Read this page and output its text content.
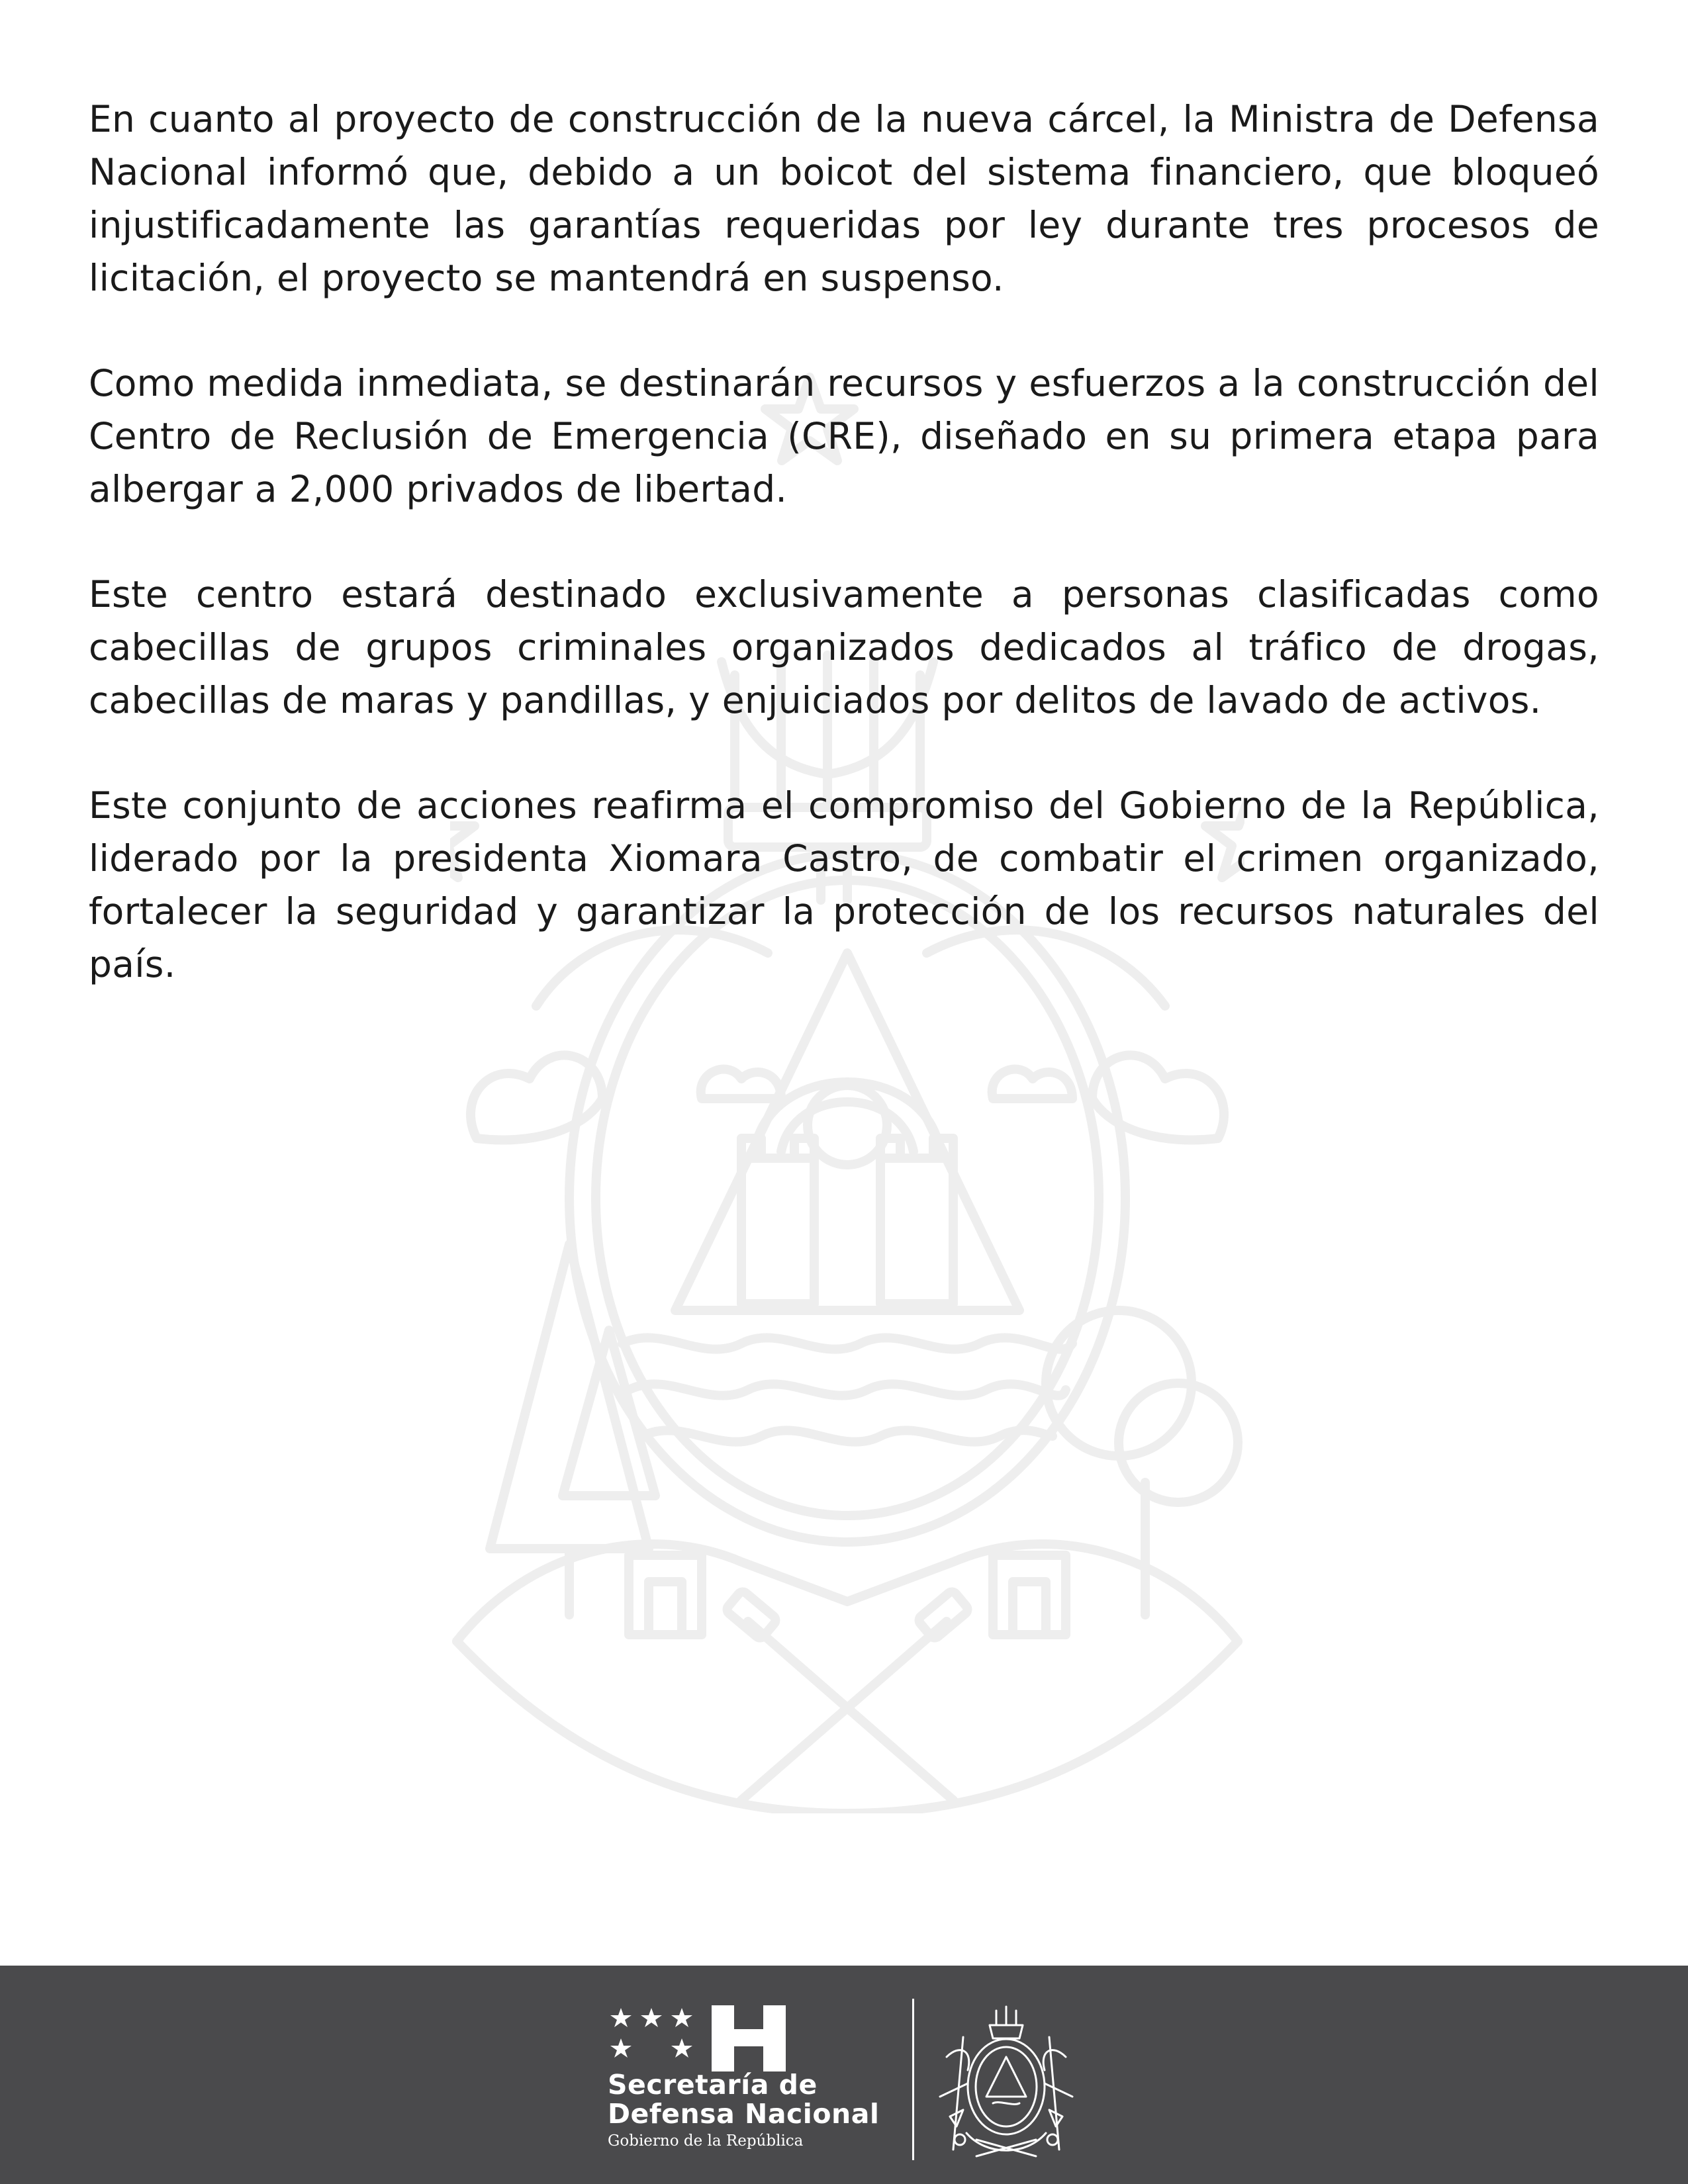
En cuanto al proyecto de construcción de la nueva cárcel, la Ministra de Defensa Nacional informó que, debido a un boicot del sistema financiero, que bloqueó injustificadamente las garantías requeridas por ley durante tres procesos de licitación, el proyecto se mantendrá en suspenso.

Como medida inmediata, se destinarán recursos y esfuerzos a la construcción del Centro de Reclusión de Emergencia (CRE), diseñado en su primera etapa para albergar a 2,000 privados de libertad.

Este centro estará destinado exclusivamente a personas clasificadas como cabecillas de grupos criminales organizados dedicados al tráfico de drogas, cabecillas de maras y pandillas, y enjuiciados por delitos de lavado de activos.

Este conjunto de acciones reafirma el compromiso del Gobierno de la República, liderado por la presidenta Xiomara Castro, de combatir el crimen organizado, fortalecer la seguridad y garantizar la protección de los recursos naturales del país.

Secretaría de
Defensa Nacional
Gobierno de la República
